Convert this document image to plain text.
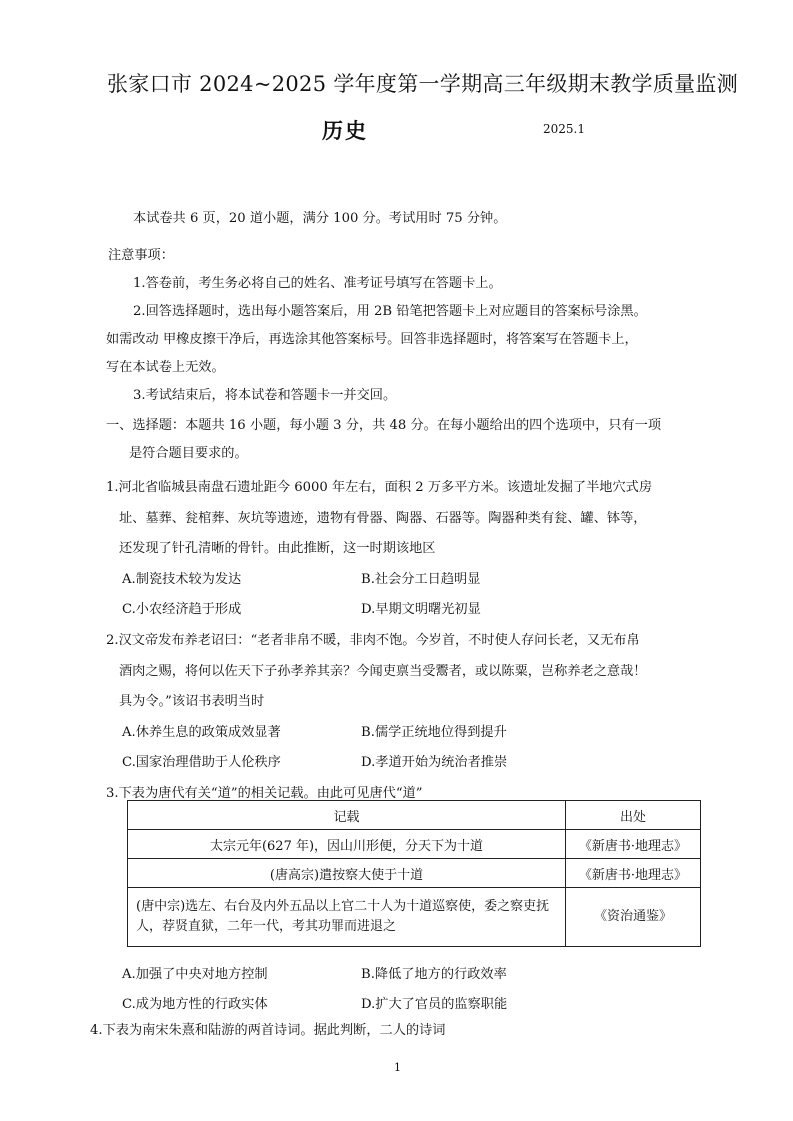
张家口市 2024~2025 学年度第一学期高三年级期末教学质量监测
历史	2025.1
本试卷共 6 页，20 道小题，满分 100 分。考试用时 75 分钟。
注意事项：
1.答卷前，考生务必将自己的姓名、准考证号填写在答题卡上。
2.回答选择题时，选出每小题答案后，用 2B 铅笔把答题卡上对应题目的答案标号涂黑。
如需改动 甲橡皮擦干净后，再选涂其他答案标号。回答非选择题时，将答案写在答题卡上，
写在本试卷上无效。
3.考试结束后，将本试卷和答题卡一并交回。
一、选择题：本题共 16 小题，每小题 3 分，共 48 分。在每小题给出的四个选项中，只有一项
是符合题目要求的。
1.河北省临城县南盘石遗址距今 6000 年左右，面积 2 万多平方米。该遗址发掘了半地穴式房
址、墓葬、瓮棺葬、灰坑等遗迹，遗物有骨器、陶器、石器等。陶器种类有瓮、罐、钵等，
还发现了针孔清晰的骨针。由此推断，这一时期该地区
A.制瓷技术较为发达	B.社会分工日趋明显
C.小农经济趋于形成	D.早期文明曙光初显
2.汉文帝发布养老诏曰：“老者非帛不暖，非肉不饱。今岁首，不时使人存问长老，又无布帛
酒肉之赐，将何以佐天下子孙孝养其亲？今闻吏禀当受鬻者，或以陈粟，岂称养老之意哉！
具为令。”该诏书表明当时
A.休养生息的政策成效显著	B.儒学正统地位得到提升
C.国家治理借助于人伦秩序	D.孝道开始为统治者推崇
3.下表为唐代有关“道”的相关记载。由此可见唐代“道”
记载	出处
太宗元年(627 年)，因山川形便，分天下为十道	《新唐书·地理志》
(唐高宗)遣按察大使于十道	《新唐书·地理志》

(唐中宗)选左、右台及内外五品以上官二十人为十道巡察使，委之察吏抚人，荐贤直狱，二年一代，考其功罪而进退之	《资治通鉴》
A.加强了中央对地方控制	B.降低了地方的行政效率
C.成为地方性的行政实体	D.扩大了官员的监察职能
4.下表为南宋朱熹和陆游的两首诗词。据此判断，二人的诗词
1
